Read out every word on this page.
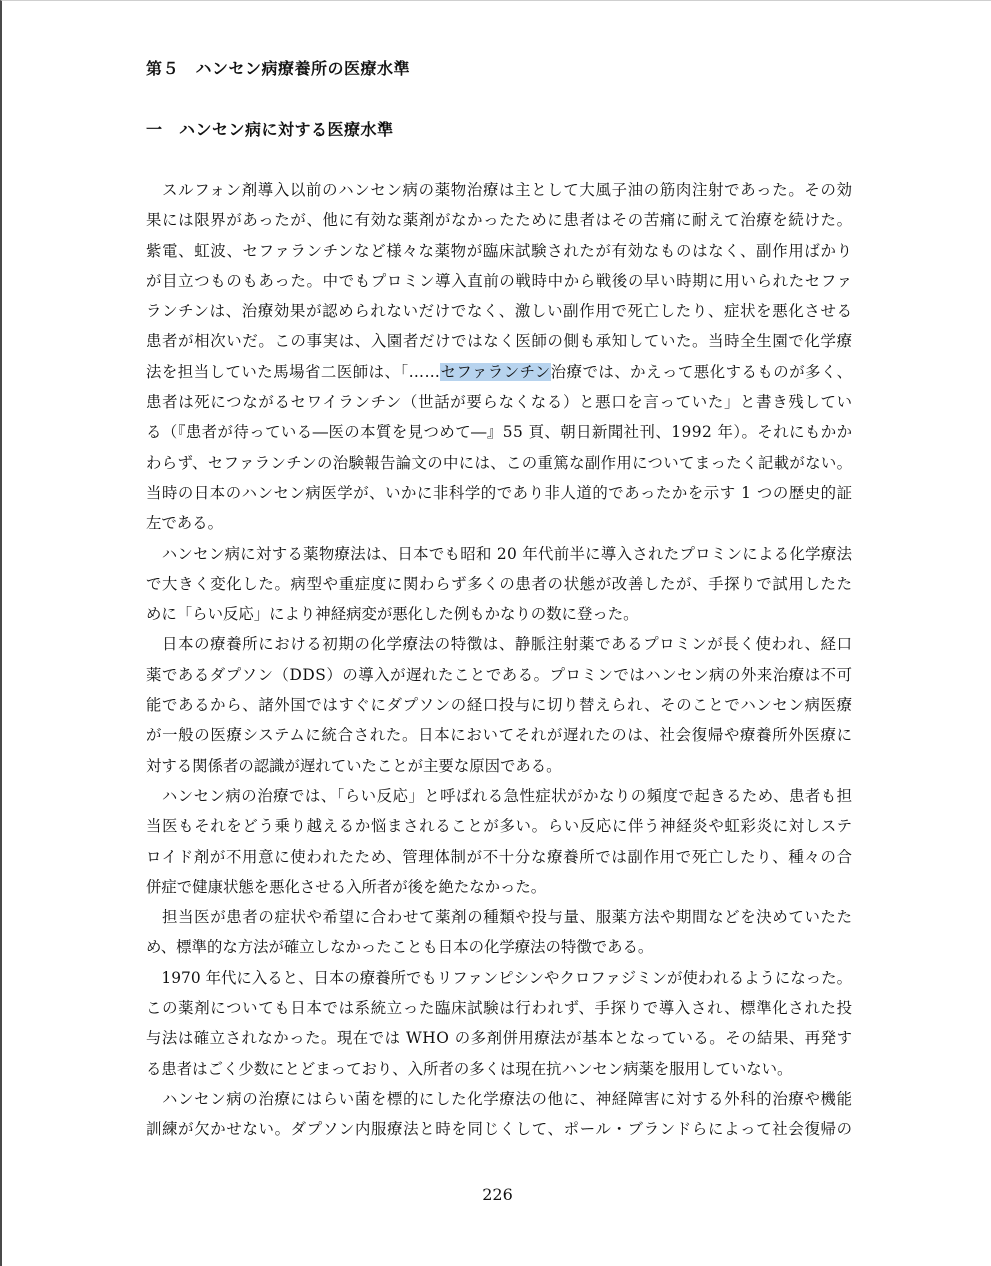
第５　ハンセン病療養所の医療水準
一　ハンセン病に対する医療水準
　スルフォン剤導入以前のハンセン病の薬物治療は主として大風子油の筋肉注射であった。その効
果には限界があったが、他に有効な薬剤がなかったために患者はその苦痛に耐えて治療を続けた。
紫電、虹波、セファランチンなど様々な薬物が臨床試験されたが有効なものはなく、副作用ばかり
が目立つものもあった。中でもプロミン導入直前の戦時中から戦後の早い時期に用いられたセファ
ランチンは、治療効果が認められないだけでなく、激しい副作用で死亡したり、症状を悪化させる
患者が相次いだ。この事実は、入園者だけではなく医師の側も承知していた。当時全生園で化学療
法を担当していた馬場省二医師は、「……セファランチン治療では、かえって悪化するものが多く、
患者は死につながるセワイランチン（世話が要らなくなる）と悪口を言っていた」と書き残してい
る（『患者が待っている―医の本質を見つめて―』55 頁、朝日新聞社刊、1992 年）。それにもかか
わらず、セファランチンの治験報告論文の中には、この重篤な副作用についてまったく記載がない。
当時の日本のハンセン病医学が、いかに非科学的であり非人道的であったかを示す 1 つの歴史的証
左である。
　ハンセン病に対する薬物療法は、日本でも昭和 20 年代前半に導入されたプロミンによる化学療法
で大きく変化した。病型や重症度に関わらず多くの患者の状態が改善したが、手探りで試用したた
めに「らい反応」により神経病変が悪化した例もかなりの数に登った。
　日本の療養所における初期の化学療法の特徴は、静脈注射薬であるプロミンが長く使われ、経口
薬であるダプソン（DDS）の導入が遅れたことである。プロミンではハンセン病の外来治療は不可
能であるから、諸外国ではすぐにダプソンの経口投与に切り替えられ、そのことでハンセン病医療
が一般の医療システムに統合された。日本においてそれが遅れたのは、社会復帰や療養所外医療に
対する関係者の認識が遅れていたことが主要な原因である。
　ハンセン病の治療では、「らい反応」と呼ばれる急性症状がかなりの頻度で起きるため、患者も担
当医もそれをどう乗り越えるか悩まされることが多い。らい反応に伴う神経炎や虹彩炎に対しステ
ロイド剤が不用意に使われたため、管理体制が不十分な療養所では副作用で死亡したり、種々の合
併症で健康状態を悪化させる入所者が後を絶たなかった。
　担当医が患者の症状や希望に合わせて薬剤の種類や投与量、服薬方法や期間などを決めていたた
め、標準的な方法が確立しなかったことも日本の化学療法の特徴である。
　1970 年代に入ると、日本の療養所でもリファンピシンやクロファジミンが使われるようになった。
この薬剤についても日本では系統立った臨床試験は行われず、手探りで導入され、標準化された投
与法は確立されなかった。現在では WHO の多剤併用療法が基本となっている。その結果、再発す
る患者はごく少数にとどまっており、入所者の多くは現在抗ハンセン病薬を服用していない。
　ハンセン病の治療にはらい菌を標的にした化学療法の他に、神経障害に対する外科的治療や機能
訓練が欠かせない。ダプソン内服療法と時を同じくして、ポール・ブランドらによって社会復帰の
226
